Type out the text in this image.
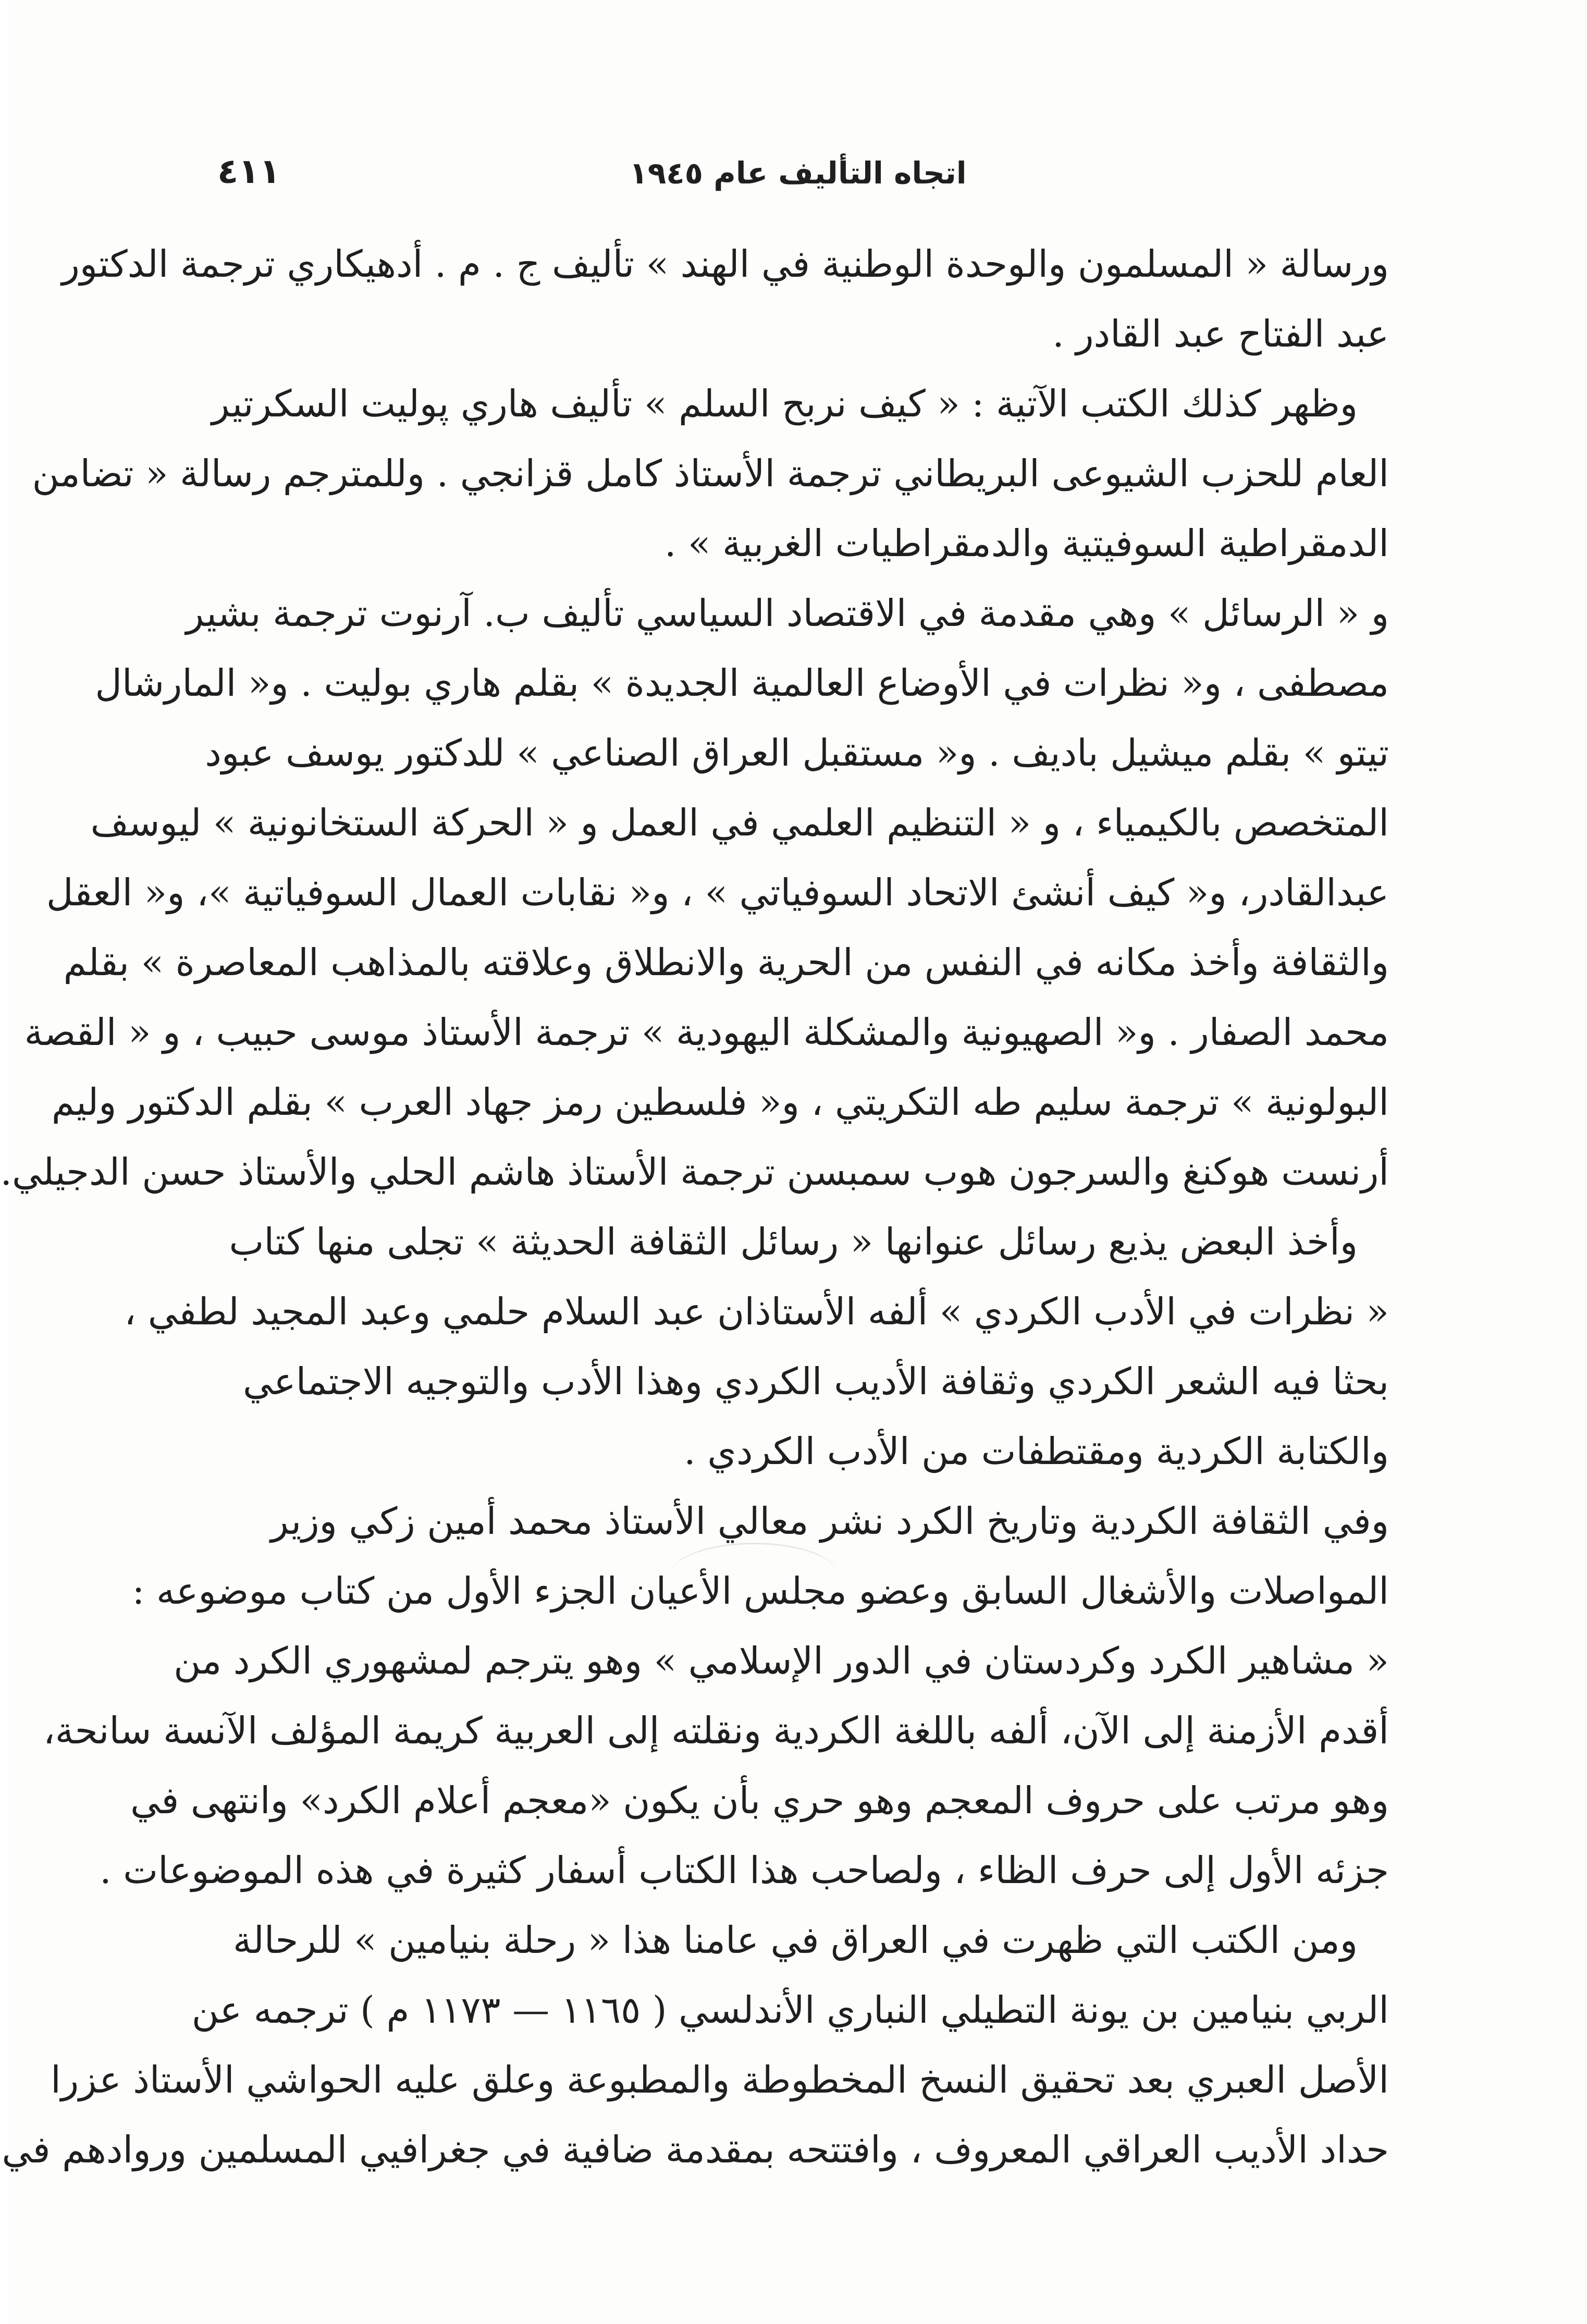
٤١١	اتجاه التأليف عام ١٩٤٥

ورسالة « المسلمون والوحدة الوطنية في الهند » تأليف ج . م . أدهيكاري ترجمة الدكتور
عبد الفتاح عبد القادر .

وظهر كذلك الكتب الآتية : « كيف نربح السلم » تأليف هاري پوليت السكرتير
العام للحزب الشيوعى البريطاني ترجمة الأستاذ كامل قزانجي . وللمترجم رسالة « تضامن
الدمقراطية السوفيتية والدمقراطيات الغربية » .

و « الرسائل » وهي مقدمة في الاقتصاد السياسي تأليف ب. آرنوت ترجمة بشير
مصطفى ، و« نظرات في الأوضاع العالمية الجديدة » بقلم هاري بوليت . و« المارشال
تيتو » بقلم ميشيل باديف . و« مستقبل العراق الصناعي » للدكتور يوسف عبود
المتخصص بالكيمياء ، و « التنظيم العلمي في العمل و « الحركة الستخانونية » ليوسف
عبدالقادر، و« كيف أنشئ الاتحاد السوفياتي » ، و« نقابات العمال السوفياتية »، و« العقل
والثقافة وأخذ مكانه في النفس من الحرية والانطلاق وعلاقته بالمذاهب المعاصرة » بقلم
محمد الصفار . و« الصهيونية والمشكلة اليهودية » ترجمة الأستاذ موسى حبيب ، و « القصة
البولونية » ترجمة سليم طه التكريتي ، و« فلسطين رمز جهاد العرب » بقلم الدكتور وليم
أرنست هوكنغ والسرجون هوب سمبسن ترجمة الأستاذ هاشم الحلي والأستاذ حسن الدجيلي.

وأخذ البعض يذيع رسائل عنوانها « رسائل الثقافة الحديثة » تجلى منها كتاب
« نظرات في الأدب الكردي » ألفه الأستاذان عبد السلام حلمي وعبد المجيد لطفي ،
بحثا فيه الشعر الكردي وثقافة الأديب الكردي وهذا الأدب والتوجيه الاجتماعي
والكتابة الكردية ومقتطفات من الأدب الكردي .

وفي الثقافة الكردية وتاريخ الكرد نشر معالي الأستاذ محمد أمين زكي وزير
المواصلات والأشغال السابق وعضو مجلس الأعيان الجزء الأول من كتاب موضوعه :
« مشاهير الكرد وكردستان في الدور الإسلامي » وهو يترجم لمشهوري الكرد من
أقدم الأزمنة إلى الآن، ألفه باللغة الكردية ونقلته إلى العربية كريمة المؤلف الآنسة سانحة،
وهو مرتب على حروف المعجم وهو حري بأن يكون «معجم أعلام الكرد» وانتهى في
جزئه الأول إلى حرف الظاء ، ولصاحب هذا الكتاب أسفار كثيرة في هذه الموضوعات .

ومن الكتب التي ظهرت في العراق في عامنا هذا « رحلة بنيامين » للرحالة
الربي بنيامين بن يونة التطيلي النباري الأندلسي ( ١١٦٥ — ١١٧٣ م ) ترجمه عن
الأصل العبري بعد تحقيق النسخ المخطوطة والمطبوعة وعلق عليه الحواشي الأستاذ عزرا
حداد الأديب العراقي المعروف ، وافتتحه بمقدمة ضافية في جغرافيي المسلمين وروادهم في
